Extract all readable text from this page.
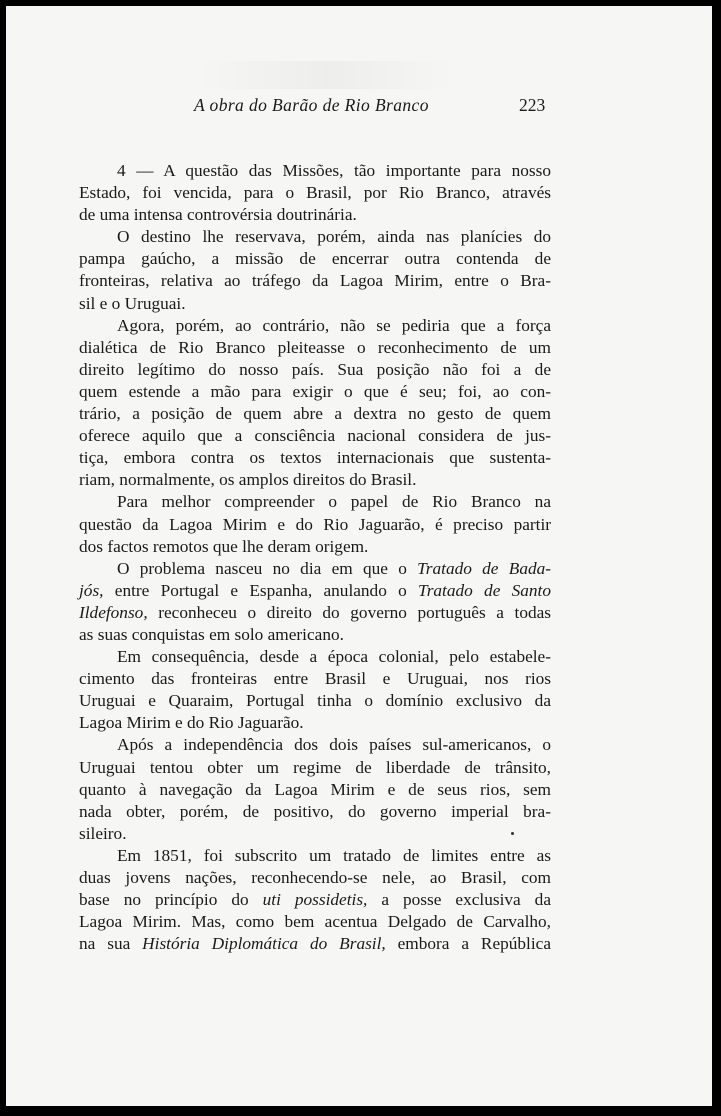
A obra do Barão de Rio Branco	223
4 — A questão das Missões, tão importante para nosso
Estado, foi vencida, para o Brasil, por Rio Branco, através
de uma intensa controvérsia doutrinária.
O destino lhe reservava, porém, ainda nas planícies do
pampa gaúcho, a missão de encerrar outra contenda de
fronteiras, relativa ao tráfego da Lagoa Mirim, entre o Bra-
sil e o Uruguai.
Agora, porém, ao contrário, não se pediria que a força
dialética de Rio Branco pleiteasse o reconhecimento de um
direito legítimo do nosso país. Sua posição não foi a de
quem estende a mão para exigir o que é seu; foi, ao con-
trário, a posição de quem abre a dextra no gesto de quem
oferece aquilo que a consciência nacional considera de jus-
tiça, embora contra os textos internacionais que sustenta-
riam, normalmente, os amplos direitos do Brasil.
Para melhor compreender o papel de Rio Branco na
questão da Lagoa Mirim e do Rio Jaguarão, é preciso partir
dos factos remotos que lhe deram origem.
O problema nasceu no dia em que o Tratado de Bada-
jós, entre Portugal e Espanha, anulando o Tratado de Santo
Ildefonso, reconheceu o direito do governo português a todas
as suas conquistas em solo americano.
Em consequência, desde a época colonial, pelo estabele-
cimento das fronteiras entre Brasil e Uruguai, nos rios
Uruguai e Quaraim, Portugal tinha o domínio exclusivo da
Lagoa Mirim e do Rio Jaguarão.
Após a independência dos dois países sul-americanos, o
Uruguai tentou obter um regime de liberdade de trânsito,
quanto à navegação da Lagoa Mirim e de seus rios, sem
nada obter, porém, de positivo, do governo imperial bra-
sileiro.
Em 1851, foi subscrito um tratado de limites entre as
duas jovens nações, reconhecendo-se nele, ao Brasil, com
base no princípio do uti possidetis, a posse exclusiva da
Lagoa Mirim. Mas, como bem acentua Delgado de Carvalho,
na sua História Diplomática do Brasil, embora a República
